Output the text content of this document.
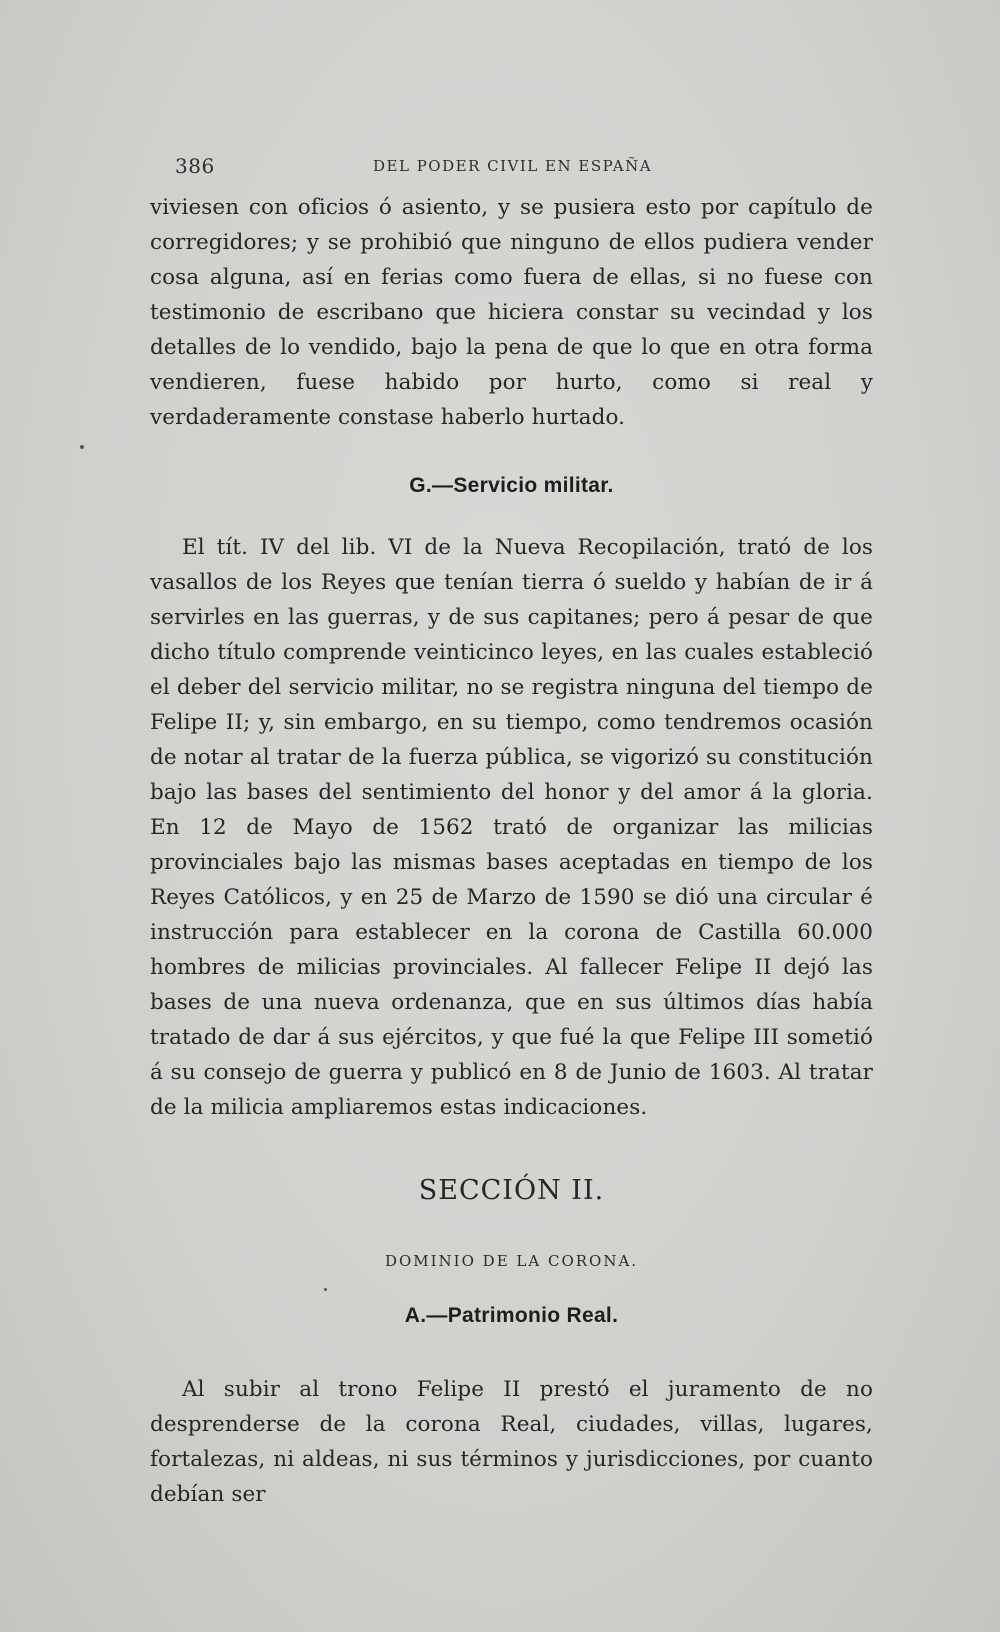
386	DEL PODER CIVIL EN ESPAÑA

viviesen con oficios ó asiento, y se pusiera esto por capítulo de corregidores; y se prohibió que ninguno de ellos pudiera vender cosa alguna, así en ferias como fuera de ellas, si no fuese con testimonio de escribano que hiciera constar su vecindad y los detalles de lo vendido, bajo la pena de que lo que en otra forma vendieren, fuese habido por hurto, como si real y verdaderamente constase haberlo hurtado.

G.—Servicio militar.

El tít. IV del lib. VI de la Nueva Recopilación, trató de los vasallos de los Reyes que tenían tierra ó sueldo y habían de ir á servirles en las guerras, y de sus capitanes; pero á pesar de que dicho título comprende veinticinco leyes, en las cuales estableció el deber del servicio militar, no se registra ninguna del tiempo de Felipe II; y, sin embargo, en su tiempo, como tendremos ocasión de notar al tratar de la fuerza pública, se vigorizó su constitución bajo las bases del sentimiento del honor y del amor á la gloria. En 12 de Mayo de 1562 trató de organizar las milicias provinciales bajo las mismas bases aceptadas en tiempo de los Reyes Católicos, y en 25 de Marzo de 1590 se dió una circular é instrucción para establecer en la corona de Castilla 60.000 hombres de milicias provinciales. Al fallecer Felipe II dejó las bases de una nueva ordenanza, que en sus últimos días había tratado de dar á sus ejércitos, y que fué la que Felipe III sometió á su consejo de guerra y publicó en 8 de Junio de 1603. Al tratar de la milicia ampliaremos estas indicaciones.

SECCIÓN II.
DOMINIO DE LA CORONA.

A.—Patrimonio Real.

Al subir al trono Felipe II prestó el juramento de no desprenderse de la corona Real, ciudades, villas, lugares, fortalezas, ni aldeas, ni sus términos y jurisdicciones, por cuanto debían ser
